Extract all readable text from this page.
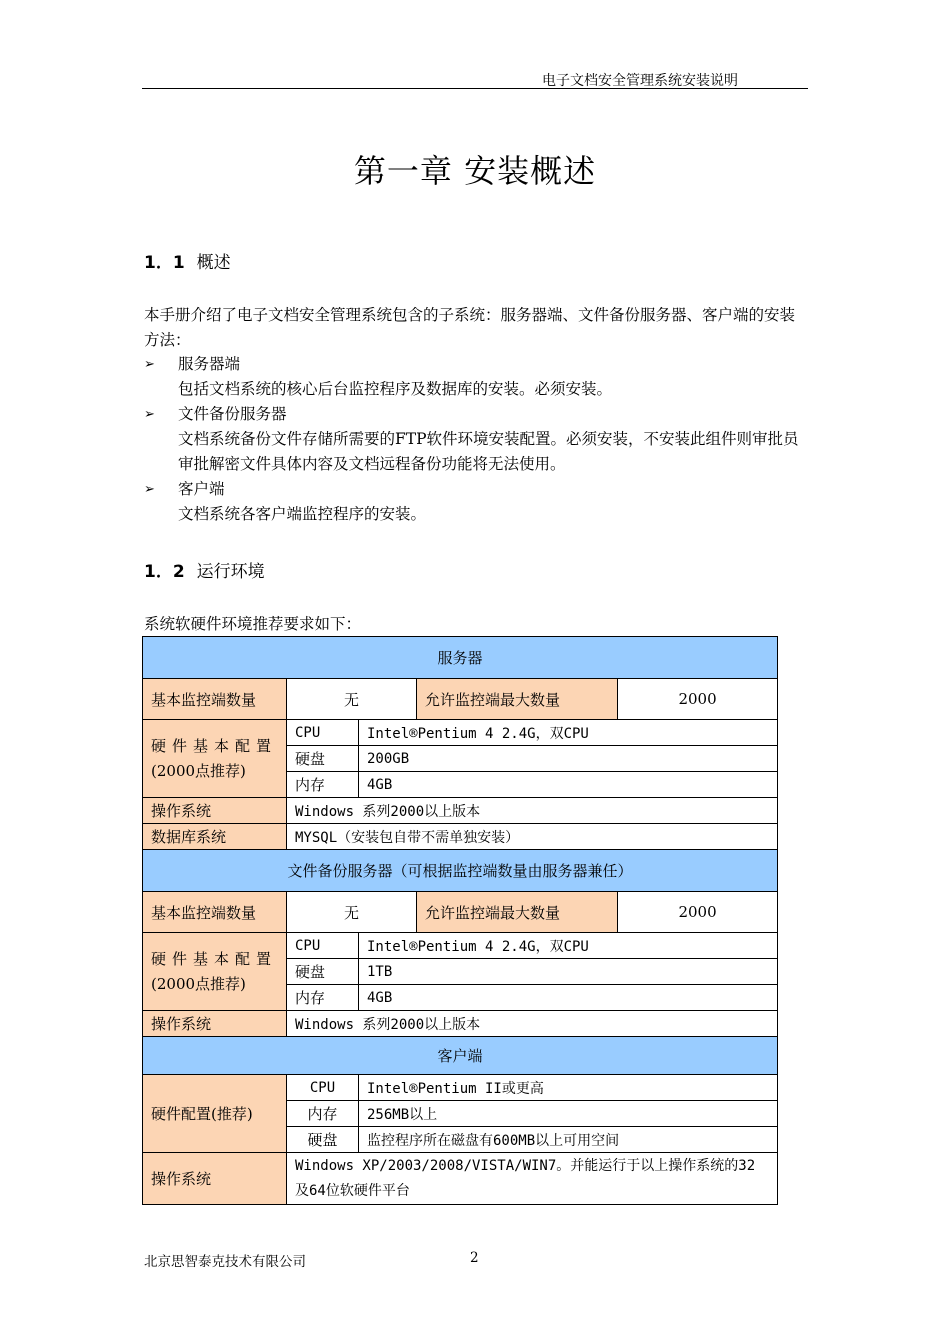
电子文档安全管理系统安装说明
第一章 安装概述
1．1 概述
本手册介绍了电子文档安全管理系统包含的子系统：服务器端、文件备份服务器、客户端的安装方法：
➢ 服务器端
包括文档系统的核心后台监控程序及数据库的安装。必须安装。
➢ 文件备份服务器
文档系统备份文件存储所需要的FTP软件环境安装配置。必须安装，不安装此组件则审批员审批解密文件具体内容及文档远程备份功能将无法使用。
➢ 客户端
文档系统各客户端监控程序的安装。
1．2 运行环境
系统软硬件环境推荐要求如下：
服务器				
基本监控端数量	无		允许监控端最大数量	2000
硬件基本配置
(2000点推荐)	CPU	Intel®Pentium 4 2.4G，双CPU		
	硬盘	200GB		
	内存	4GB		
操作系统	Windows 系列2000以上版本			
数据库系统	MYSQL（安装包自带不需单独安装）			
文件备份服务器（可根据监控端数量由服务器兼任）				
基本监控端数量	无		允许监控端最大数量	2000
硬件基本配置
(2000点推荐)	CPU	Intel®Pentium 4 2.4G，双CPU		
	硬盘	1TB		
	内存	4GB		
操作系统	Windows 系列2000以上版本			
客户端				
硬件配置(推荐)	CPU	Intel®Pentium II或更高		
	内存	256MB以上		
	硬盘	监控程序所在磁盘有600MB以上可用空间		
操作系统	Windows XP/2003/2008/VISTA/WIN7。并能运行于以上操作系统的32及64位软硬件平台			
北京思智泰克技术有限公司	2
